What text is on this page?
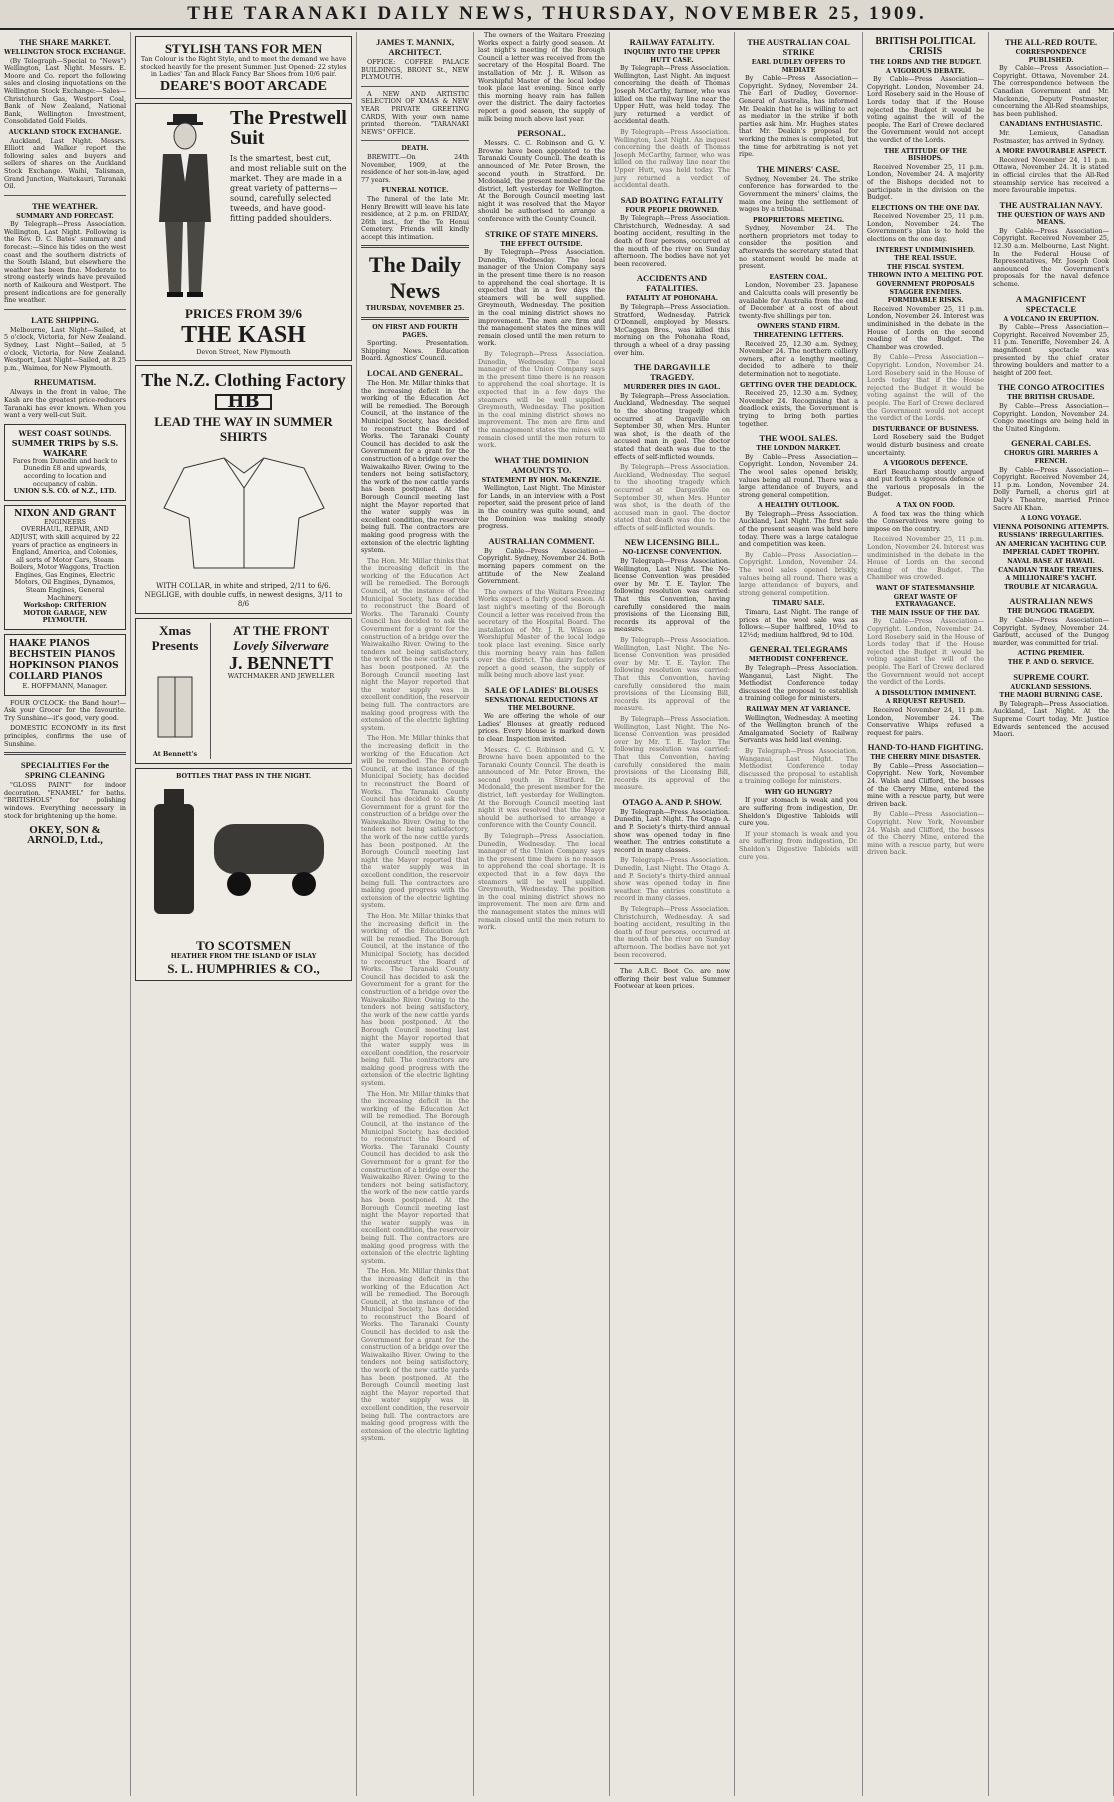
THE TARANAKI DAILY NEWS, THURSDAY, NOVEMBER 25, 1909.
THE SHARE MARKET.
WELLINGTON STOCK EXCHANGE.

(By Telegraph—Special to "News") Wellington, Last Night. Messrs. E. Moore and Co. report the following sales and closing inquotations on the Wellington Stock Exchange:—Sales—Christchurch Gas, Westport Coal, Bank of New Zealand, National Bank, Wellington Investment, Consolidated Gold Fields.

AUCKLAND STOCK EXCHANGE.

Auckland, Last Night. Messrs. Elliott and Walker report the following sales and buyers and sellers of shares on the Auckland Stock Exchange. Waihi, Talisman, Grand Junction, Waitekauri, Taranaki Oil.

THE WEATHER.
SUMMARY AND FORECAST.

By Telegraph—Press Association. Wellington, Last Night. Following is the Rev. D. C. Bates' summary and forecast:—Since his tides on the west coast and the southern districts of the South Island, but elsewhere the weather has been fine. Moderate to strong easterly winds have prevailed north of Kaikoura and Westport. The present indications are for generally fine weather.

LATE SHIPPING.

Melbourne, Last Night—Sailed, at 5 o'clock, Victoria, for New Zealand. Sydney, Last Night—Sailed, at 5 o'clock, Victoria, for New Zealand. Westport, Last Night—Sailed, at 8.25 p.m., Waimea, for New Plymouth.

RHEUMATISM.

Always in the front in value, The Kash are the greatest price-reducers Taranaki has ever known. When you want a very well-cut Suit.

WEST COAST SOUNDS.
SUMMER TRIPS by S.S. WAIKARE
Fares from Dunedin and back to Dunedin £8 and upwards, according to location and occupancy of cabin.
UNION S.S. CO. of N.Z., LTD.
NIXON AND GRANT
ENGINEERS
OVERHAUL, REPAIR, AND ADJUST, with skill acquired by 22 years of practice as engineers in England, America, and Colonies, all sorts of Motor Cars, Steam Boilers, Motor Waggons, Traction Engines, Gas Engines, Electric Motors, Oil Engines, Dynamos, Steam Engines, General Machinery.
Workshop: CRITERION MOTOR GARAGE, NEW PLYMOUTH.
HAAKE PIANOS
BECHSTEIN PIANOS
HOPKINSON PIANOS
COLLARD PIANOS
E. HOFFMANN, Manager.

FOUR O'CLOCK: the Band hour!—Ask your Grocer for the favourite. Try Sunshine—it's good, very good.

DOMESTIC ECONOMY in its first principles, confirms the use of Sunshine.

SPECIALITIES For the SPRING CLEANING

"GLOSS PAINT" for indoor decoration. "ENAMEL" for baths. "BRITISHOLS" for polishing windows. Everything necessary in stock for brightening up the home.

OKEY, SON & ARNOLD, Ltd.,
STYLISH TANS FOR MEN
Tan Colour is the Right Style, and to meet the demand we have stocked heavily for the present Summer. Just Opened: 22 styles in Ladies' Tan and Black Fancy Bar Shoes from 10/6 pair.
DEARE'S BOOT ARCADE
The Prestwell Suit
Is the smartest, best cut, and most reliable suit on the market. They are made in a great variety of patterns—sound, carefully selected tweeds, and have good-fitting padded shoulders.
PRICES FROM 39/6
THE KASH
Devon Street, New Plymouth
The N.Z. Clothing Factory
HB
LEAD THE WAY IN SUMMER SHIRTS
WITH COLLAR, in white and striped, 2/11 to 6/6. NEGLIGE, with double cuffs, in newest designs, 3/11 to 8/6
Xmas Presents
At Bennett's
AT THE FRONT
Lovely Silverware
J. BENNETT
WATCHMAKER AND JEWELLER
BOTTLES THAT PASS IN THE NIGHT.
TO SCOTSMEN
HEATHER FROM THE ISLAND OF ISLAY
S. L. HUMPHRIES & CO.,
JAMES T. MANNIX, ARCHITECT.

OFFICE: COFFEE PALACE BUILDINGS, BRONT St., NEW PLYMOUTH.

A NEW AND ARTISTIC SELECTION OF XMAS & NEW YEAR PRIVATE GREETING CARDS, With your own name printed thereon. "TARANAKI NEWS" OFFICE.

DEATH.

BREWITT.—On 24th November, 1909, at the residence of her son-in-law, aged 77 years.

FUNERAL NOTICE.

The funeral of the late Mr. Henry Brewitt will leave his late residence, at 2 p.m. on FRIDAY, 26th inst., for the Te Henui Cemetery. Friends will kindly accept this intimation.

The Daily News
THURSDAY, NOVEMBER 25.
ON FIRST AND FOURTH PAGES.

Sporting. Presentation. Shipping News. Education Board. Agnostics' Council.

LOCAL AND GENERAL.

The Hon. Mr. Millar thinks that the increasing deficit in the working of the Education Act will be remedied. The Borough Council, at the instance of the Municipal Society, has decided to reconstruct the Board of Works. The Taranaki County Council has decided to ask the Government for a grant for the construction of a bridge over the Waiwakaiho River. Owing to the tenders not being satisfactory, the work of the new cattle yards has been postponed. At the Borough Council meeting last night the Mayor reported that the water supply was in excellent condition, the reservoir being full. The contractors are making good progress with the extension of the electric lighting system.

The Hon. Mr. Millar thinks that the increasing deficit in the working of the Education Act will be remedied. The Borough Council, at the instance of the Municipal Society, has decided to reconstruct the Board of Works. The Taranaki County Council has decided to ask the Government for a grant for the construction of a bridge over the Waiwakaiho River. Owing to the tenders not being satisfactory, the work of the new cattle yards has been postponed. At the Borough Council meeting last night the Mayor reported that the water supply was in excellent condition, the reservoir being full. The contractors are making good progress with the extension of the electric lighting system.

The Hon. Mr. Millar thinks that the increasing deficit in the working of the Education Act will be remedied. The Borough Council, at the instance of the Municipal Society, has decided to reconstruct the Board of Works. The Taranaki County Council has decided to ask the Government for a grant for the construction of a bridge over the Waiwakaiho River. Owing to the tenders not being satisfactory, the work of the new cattle yards has been postponed. At the Borough Council meeting last night the Mayor reported that the water supply was in excellent condition, the reservoir being full. The contractors are making good progress with the extension of the electric lighting system.

The Hon. Mr. Millar thinks that the increasing deficit in the working of the Education Act will be remedied. The Borough Council, at the instance of the Municipal Society, has decided to reconstruct the Board of Works. The Taranaki County Council has decided to ask the Government for a grant for the construction of a bridge over the Waiwakaiho River. Owing to the tenders not being satisfactory, the work of the new cattle yards has been postponed. At the Borough Council meeting last night the Mayor reported that the water supply was in excellent condition, the reservoir being full. The contractors are making good progress with the extension of the electric lighting system.

The Hon. Mr. Millar thinks that the increasing deficit in the working of the Education Act will be remedied. The Borough Council, at the instance of the Municipal Society, has decided to reconstruct the Board of Works. The Taranaki County Council has decided to ask the Government for a grant for the construction of a bridge over the Waiwakaiho River. Owing to the tenders not being satisfactory, the work of the new cattle yards has been postponed. At the Borough Council meeting last night the Mayor reported that the water supply was in excellent condition, the reservoir being full. The contractors are making good progress with the extension of the electric lighting system.

The Hon. Mr. Millar thinks that the increasing deficit in the working of the Education Act will be remedied. The Borough Council, at the instance of the Municipal Society, has decided to reconstruct the Board of Works. The Taranaki County Council has decided to ask the Government for a grant for the construction of a bridge over the Waiwakaiho River. Owing to the tenders not being satisfactory, the work of the new cattle yards has been postponed. At the Borough Council meeting last night the Mayor reported that the water supply was in excellent condition, the reservoir being full. The contractors are making good progress with the extension of the electric lighting system.

The owners of the Waitara Freezing Works expect a fairly good season. At last night's meeting of the Borough Council a letter was received from the secretary of the Hospital Board. The installation of Mr. J. R. Wilson as Worshipful Master of the local lodge took place last evening. Since early this morning heavy rain has fallen over the district. The dairy factories report a good season, the supply of milk being much above last year.

PERSONAL.

Messrs. C. C. Robinson and G. V. Browne have been appointed to the Taranaki County Council. The death is announced of Mr. Peter Brown, the second youth in Stratford. Dr. Mcdonald, the present member for the district, left yesterday for Wellington. At the Borough Council meeting last night it was resolved that the Mayor should be authorised to arrange a conference with the County Council.

STRIKE OF STATE MINERS.
THE EFFECT OUTSIDE.

By Telegraph—Press Association. Dunedin, Wednesday. The local manager of the Union Company says in the present time there is no reason to apprehend the coal shortage. It is expected that in a few days the steamers will be well supplied. Greymouth, Wednesday. The position in the coal mining district shows no improvement. The men are firm and the management states the mines will remain closed until the men return to work.

By Telegraph—Press Association. Dunedin, Wednesday. The local manager of the Union Company says in the present time there is no reason to apprehend the coal shortage. It is expected that in a few days the steamers will be well supplied. Greymouth, Wednesday. The position in the coal mining district shows no improvement. The men are firm and the management states the mines will remain closed until the men return to work.

WHAT THE DOMINION AMOUNTS TO.
STATEMENT BY HON. McKENZIE.

Wellington, Last Night. The Minister for Lands, in an interview with a Post reporter, said the present price of land in the country was quite sound, and the Dominion was making steady progress.

AUSTRALIAN COMMENT.

By Cable—Press Association—Copyright. Sydney, November 24. Both morning papers comment on the attitude of the New Zealand Government.

The owners of the Waitara Freezing Works expect a fairly good season. At last night's meeting of the Borough Council a letter was received from the secretary of the Hospital Board. The installation of Mr. J. R. Wilson as Worshipful Master of the local lodge took place last evening. Since early this morning heavy rain has fallen over the district. The dairy factories report a good season, the supply of milk being much above last year.

SALE OF LADIES' BLOUSES
SENSATIONAL REDUCTIONS AT THE MELBOURNE.

We are offering the whole of our Ladies' Blouses at greatly reduced prices. Every blouse is marked down to clear. Inspection invited.

Messrs. C. C. Robinson and G. V. Browne have been appointed to the Taranaki County Council. The death is announced of Mr. Peter Brown, the second youth in Stratford. Dr. Mcdonald, the present member for the district, left yesterday for Wellington. At the Borough Council meeting last night it was resolved that the Mayor should be authorised to arrange a conference with the County Council.

By Telegraph—Press Association. Dunedin, Wednesday. The local manager of the Union Company says in the present time there is no reason to apprehend the coal shortage. It is expected that in a few days the steamers will be well supplied. Greymouth, Wednesday. The position in the coal mining district shows no improvement. The men are firm and the management states the mines will remain closed until the men return to work.

RAILWAY FATALITY.
INQUIRY INTO THE UPPER HUTT CASE.

By Telegraph—Press Association. Wellington, Last Night. An inquest concerning the death of Thomas Joseph McCarthy, farmer, who was killed on the railway line near the Upper Hutt, was held today. The jury returned a verdict of accidental death.

By Telegraph—Press Association. Wellington, Last Night. An inquest concerning the death of Thomas Joseph McCarthy, farmer, who was killed on the railway line near the Upper Hutt, was held today. The jury returned a verdict of accidental death.

SAD BOATING FATALITY
FOUR PEOPLE DROWNED.

By Telegraph—Press Association. Christchurch, Wednesday. A sad boating accident, resulting in the death of four persons, occurred at the mouth of the river on Sunday afternoon. The bodies have not yet been recovered.

ACCIDENTS AND FATALITIES.
FATALITY AT POHONAHA.

By Telegraph—Press Association. Stratford, Wednesday. Patrick O'Donnell, employed by Messrs. McCaggan Bros., was killed this morning on the Pohonaha Road, through a wheel of a dray passing over him.

THE DARGAVILLE TRAGEDY.
MURDERER DIES IN GAOL.

By Telegraph—Press Association. Auckland, Wednesday. The sequel to the shooting tragedy which occurred at Dargaville on September 30, when Mrs. Hunter was shot, is the death of the accused man in gaol. The doctor stated that death was due to the effects of self-inflicted wounds.

By Telegraph—Press Association. Auckland, Wednesday. The sequel to the shooting tragedy which occurred at Dargaville on September 30, when Mrs. Hunter was shot, is the death of the accused man in gaol. The doctor stated that death was due to the effects of self-inflicted wounds.

NEW LICENSING BILL.
NO-LICENSE CONVENTION.

By Telegraph—Press Association. Wellington, Last Night. The No-license Convention was presided over by Mr. T. E. Taylor. The following resolution was carried: That this Convention, having carefully considered the main provisions of the Licensing Bill, records its approval of the measure.

By Telegraph—Press Association. Wellington, Last Night. The No-license Convention was presided over by Mr. T. E. Taylor. The following resolution was carried: That this Convention, having carefully considered the main provisions of the Licensing Bill, records its approval of the measure.

By Telegraph—Press Association. Wellington, Last Night. The No-license Convention was presided over by Mr. T. E. Taylor. The following resolution was carried: That this Convention, having carefully considered the main provisions of the Licensing Bill, records its approval of the measure.

OTAGO A. AND P. SHOW.

By Telegraph—Press Association. Dunedin, Last Night. The Otago A. and P. Society's thirty-third annual show was opened today in fine weather. The entries constitute a record in many classes.

By Telegraph—Press Association. Dunedin, Last Night. The Otago A. and P. Society's thirty-third annual show was opened today in fine weather. The entries constitute a record in many classes.

By Telegraph—Press Association. Christchurch, Wednesday. A sad boating accident, resulting in the death of four persons, occurred at the mouth of the river on Sunday afternoon. The bodies have not yet been recovered.

The A.B.C. Boot Co. are now offering their best value Summer Footwear at keen prices.

THE AUSTRALIAN COAL STRIKE
EARL DUDLEY OFFERS TO MEDIATE

By Cable—Press Association—Copyright. Sydney, November 24. The Earl of Dudley, Governor-General of Australia, has informed Mr. Deakin that he is willing to act as mediator in the strike if both parties ask him. Mr. Hughes states that Mr. Deakin's proposal for working the mines is completed, but the time for arbitrating is not yet ripe.

THE MINERS' CASE.

Sydney, November 24. The strike conference has forwarded to the Government the miners' claims, the main one being the settlement of wages by a tribunal.

PROPRIETORS MEETING.

Sydney, November 24. The northern proprietors met today to consider the position and afterwards the secretary stated that no statement would be made at present.

EASTERN COAL.

London, November 23. Japanese and Calcutta coals will presently be available for Australia from the end of December at a cost of about twenty-five shillings per ton.

OWNERS STAND FIRM.
THREATENING LETTERS.

Received 25, 12.30 a.m. Sydney, November 24. The northern colliery owners, after a lengthy meeting, decided to adhere to their determination not to negotiate.

GETTING OVER THE DEADLOCK.

Received 25, 12.30 a.m. Sydney, November 24. Recognising that a deadlock exists, the Government is trying to bring both parties together.

THE WOOL SALES.
THE LONDON MARKET.

By Cable—Press Association—Copyright. London, November 24. The wool sales opened briskly, values being all round. There was a large attendance of buyers, and strong general competition.

A HEALTHY OUTLOOK.

By Telegraph—Press Association. Auckland, Last Night. The first sale of the present season was held here today. There was a large catalogue and competition was keen.

By Cable—Press Association—Copyright. London, November 24. The wool sales opened briskly, values being all round. There was a large attendance of buyers, and strong general competition.

TIMARU SALE.

Timaru, Last Night. The range of prices at the wool sale was as follows:—Super halfbred, 10½d to 12½d; medium halfbred, 9d to 10d.

GENERAL TELEGRAMS
METHODIST CONFERENCE.

By Telegraph—Press Association. Wanganui, Last Night. The Methodist Conference today discussed the proposal to establish a training college for ministers.

RAILWAY MEN AT VARIANCE.

Wellington, Wednesday. A meeting of the Wellington branch of the Amalgamated Society of Railway Servants was held last evening.

By Telegraph—Press Association. Wanganui, Last Night. The Methodist Conference today discussed the proposal to establish a training college for ministers.

WHY GO HUNGRY?

If your stomach is weak and you are suffering from indigestion, Dr. Sheldon's Digestive Tabloids will cure you.

If your stomach is weak and you are suffering from indigestion, Dr. Sheldon's Digestive Tabloids will cure you.

BRITISH POLITICAL CRISIS
THE LORDS AND THE BUDGET.
A VIGOROUS DEBATE.

By Cable—Press Association—Copyright. London, November 24. Lord Rosebery said in the House of Lords today that if the House rejected the Budget it would be voting against the will of the people. The Earl of Crewe declared the Government would not accept the verdict of the Lords.

THE ATTITUDE OF THE BISHOPS.

Received November 25, 11 p.m. London, November 24. A majority of the Bishops decided not to participate in the division on the Budget.

ELECTIONS ON THE ONE DAY.

Received November 25, 11 p.m. London, November 24. The Government's plan is to hold the elections on the one day.

INTEREST UNDIMINISHED.
THE REAL ISSUE.
THE FISCAL SYSTEM.
THROWN INTO A MELTING POT.
GOVERNMENT PROPOSALS STAGGER ENEMIES.
FORMIDABLE RISKS.

Received November 25, 11 p.m. London, November 24. Interest was undiminished in the debate in the House of Lords on the second reading of the Budget. The Chamber was crowded.

By Cable—Press Association—Copyright. London, November 24. Lord Rosebery said in the House of Lords today that if the House rejected the Budget it would be voting against the will of the people. The Earl of Crewe declared the Government would not accept the verdict of the Lords.

DISTURBANCE OF BUSINESS.

Lord Rosebery said the Budget would disturb business and create uncertainty.

A VIGOROUS DEFENCE.

Earl Beauchamp stoutly argued and put forth a vigorous defence of the various proposals in the Budget.

A TAX ON FOOD.

A food tax was the thing which the Conservatives were going to impose on the country.

Received November 25, 11 p.m. London, November 24. Interest was undiminished in the debate in the House of Lords on the second reading of the Budget. The Chamber was crowded.

WANT OF STATESMANSHIP.
GREAT WASTE OF EXTRAVAGANCE.
THE MAIN ISSUE OF THE DAY.

By Cable—Press Association—Copyright. London, November 24. Lord Rosebery said in the House of Lords today that if the House rejected the Budget it would be voting against the will of the people. The Earl of Crewe declared the Government would not accept the verdict of the Lords.

A DISSOLUTION IMMINENT.
A REQUEST REFUSED.

Received November 24, 11 p.m. London, November 24. The Conservative Whips refused a request for pairs.

HAND-TO-HAND FIGHTING.
THE CHERRY MINE DISASTER.

By Cable—Press Association—Copyright. New York, November 24. Walsh and Clifford, the bosses of the Cherry Mine, entered the mine with a rescue party, but were driven back.

By Cable—Press Association—Copyright. New York, November 24. Walsh and Clifford, the bosses of the Cherry Mine, entered the mine with a rescue party, but were driven back.

THE ALL-RED ROUTE.
CORRESPONDENCE PUBLISHED.

By Cable—Press Association—Copyright. Ottawa, November 24. The correspondence between the Canadian Government and Mr. Mackenzie, Deputy Postmaster, concerning the All-Red steamships, has been published.

CANADIANS ENTHUSIASTIC.

Mr. Lemieux, Canadian Postmaster, has arrived in Sydney.

A MORE FAVOURABLE ASPECT.

Received November 24, 11 p.m. Ottawa, November 24. It is stated in official circles that the All-Red steamship service has received a more favourable impetus.

THE AUSTRALIAN NAVY.
THE QUESTION OF WAYS AND MEANS.

By Cable—Press Association—Copyright. Received November 25, 12.30 a.m. Melbourne, Last Night. In the Federal House of Representatives, Mr. Joseph Cook announced the Government's proposals for the naval defence scheme.

A MAGNIFICENT SPECTACLE
A VOLCANO IN ERUPTION.

By Cable—Press Association—Copyright. Received November 25, 11 p.m. Teneriffe, November 24. A magnificent spectacle was presented by the chief crater throwing boulders and matter to a height of 200 feet.

THE CONGO ATROCITIES
THE BRITISH CRUSADE.

By Cable—Press Association—Copyright. London, November 24. Congo meetings are being held in the United Kingdom.

GENERAL CABLES.
CHORUS GIRL MARRIES A FRENCH.

By Cable—Press Association—Copyright. Received November 24, 11 p.m. London, November 24. Dolly Parnell, a chorus girl at Daly's Theatre, married Prince Sacre Ali Khan.

A LONG VOYAGE.
VIENNA POISONING ATTEMPTS.
RUSSIANS' IRREGULARITIES.
AN AMERICAN YACHTING CUP.
IMPERIAL CADET TROPHY.
NAVAL BASE AT HAWAII.
CANADIAN TRADE TREATIES.
A MILLIONAIRE'S YACHT.
TROUBLE AT NICARAGUA.
AUSTRALIAN NEWS
THE DUNGOG TRAGEDY.

By Cable—Press Association—Copyright. Sydney, November 24. Garbutt, accused of the Dungog murder, was committed for trial.

ACTING PREMIER.
THE P. AND O. SERVICE.
SUPREME COURT.
AUCKLAND SESSIONS.
THE MAORI BURNING CASE.

By Telegraph—Press Association. Auckland, Last Night. At the Supreme Court today, Mr. Justice Edwards sentenced the accused Maori.
